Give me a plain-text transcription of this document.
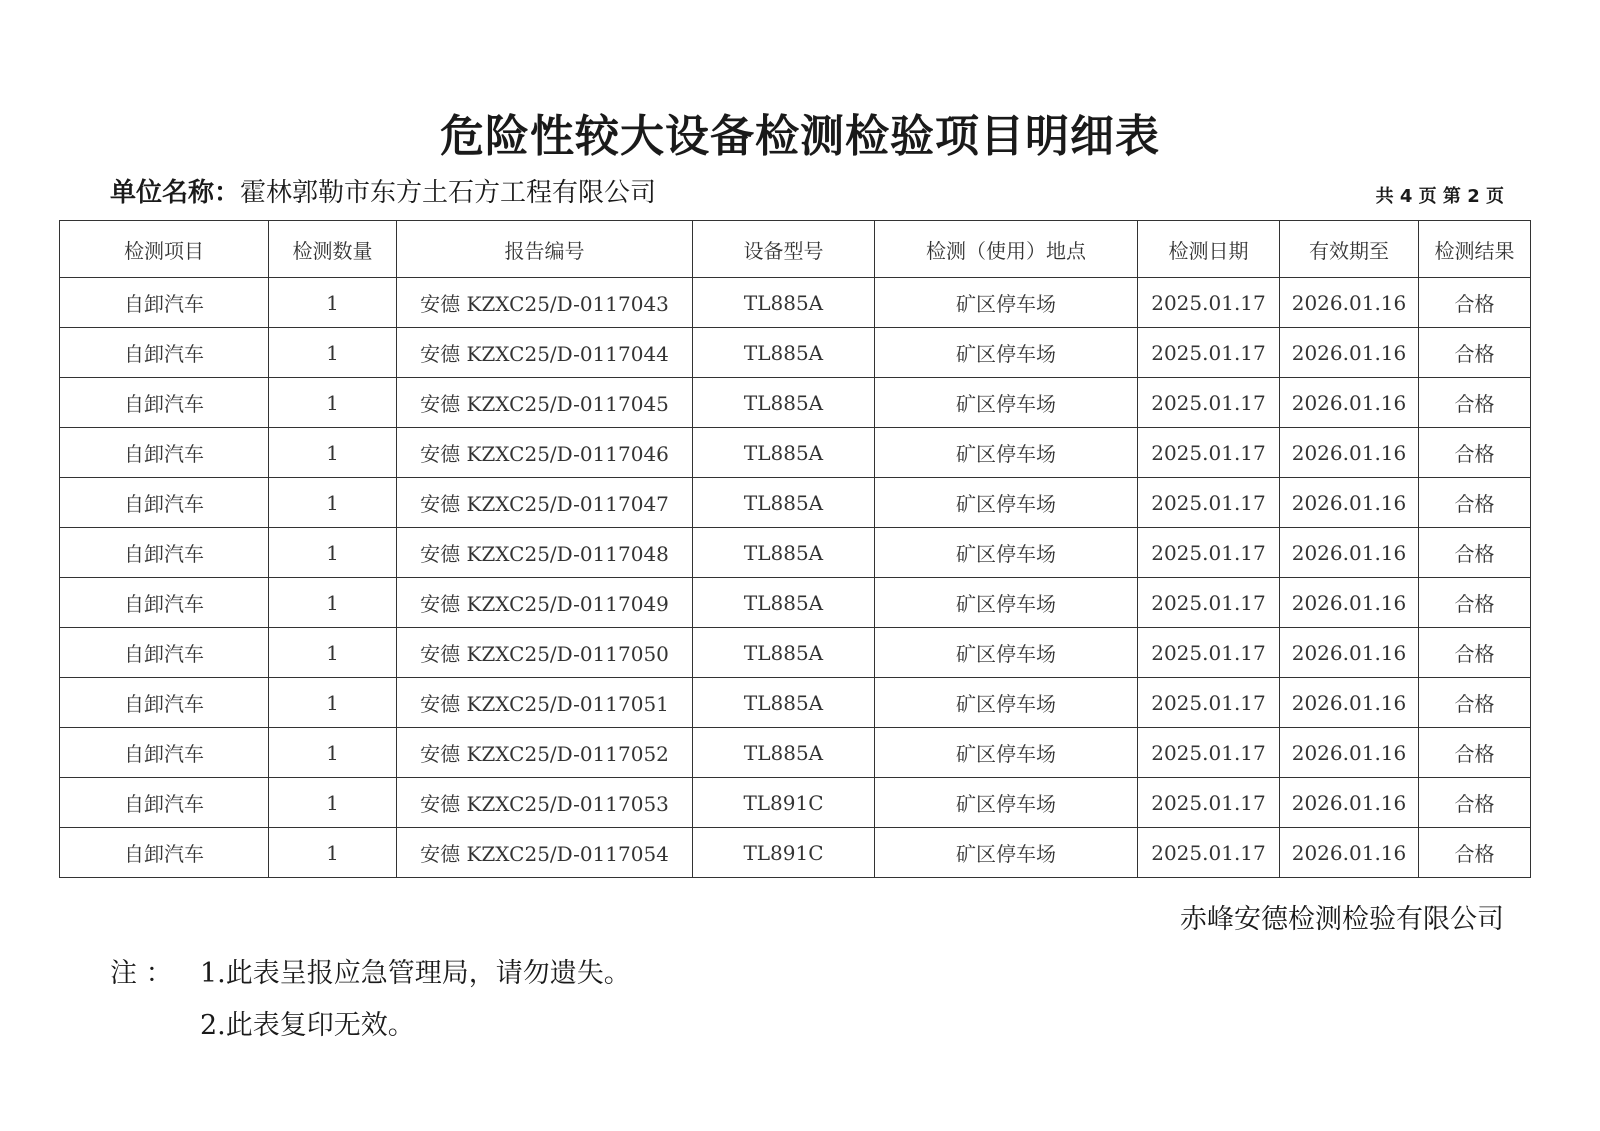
危险性较大设备检测检验项目明细表
单位名称：霍林郭勒市东方土石方工程有限公司	共 4 页 第 2 页
检测项目	检测数量	报告编号	设备型号	检测（使用）地点	检测日期	有效期至	检测结果
自卸汽车	1	安德 KZXC25/D-0117043	TL885A	矿区停车场	2025.01.17	2026.01.16	合格
自卸汽车	1	安德 KZXC25/D-0117044	TL885A	矿区停车场	2025.01.17	2026.01.16	合格
自卸汽车	1	安德 KZXC25/D-0117045	TL885A	矿区停车场	2025.01.17	2026.01.16	合格
自卸汽车	1	安德 KZXC25/D-0117046	TL885A	矿区停车场	2025.01.17	2026.01.16	合格
自卸汽车	1	安德 KZXC25/D-0117047	TL885A	矿区停车场	2025.01.17	2026.01.16	合格
自卸汽车	1	安德 KZXC25/D-0117048	TL885A	矿区停车场	2025.01.17	2026.01.16	合格
自卸汽车	1	安德 KZXC25/D-0117049	TL885A	矿区停车场	2025.01.17	2026.01.16	合格
自卸汽车	1	安德 KZXC25/D-0117050	TL885A	矿区停车场	2025.01.17	2026.01.16	合格
自卸汽车	1	安德 KZXC25/D-0117051	TL885A	矿区停车场	2025.01.17	2026.01.16	合格
自卸汽车	1	安德 KZXC25/D-0117052	TL885A	矿区停车场	2025.01.17	2026.01.16	合格
自卸汽车	1	安德 KZXC25/D-0117053	TL891C	矿区停车场	2025.01.17	2026.01.16	合格
自卸汽车	1	安德 KZXC25/D-0117054	TL891C	矿区停车场	2025.01.17	2026.01.16	合格
赤峰安德检测检验有限公司
注 ： 1.此表呈报应急管理局，请勿遗失。
2.此表复印无效。
